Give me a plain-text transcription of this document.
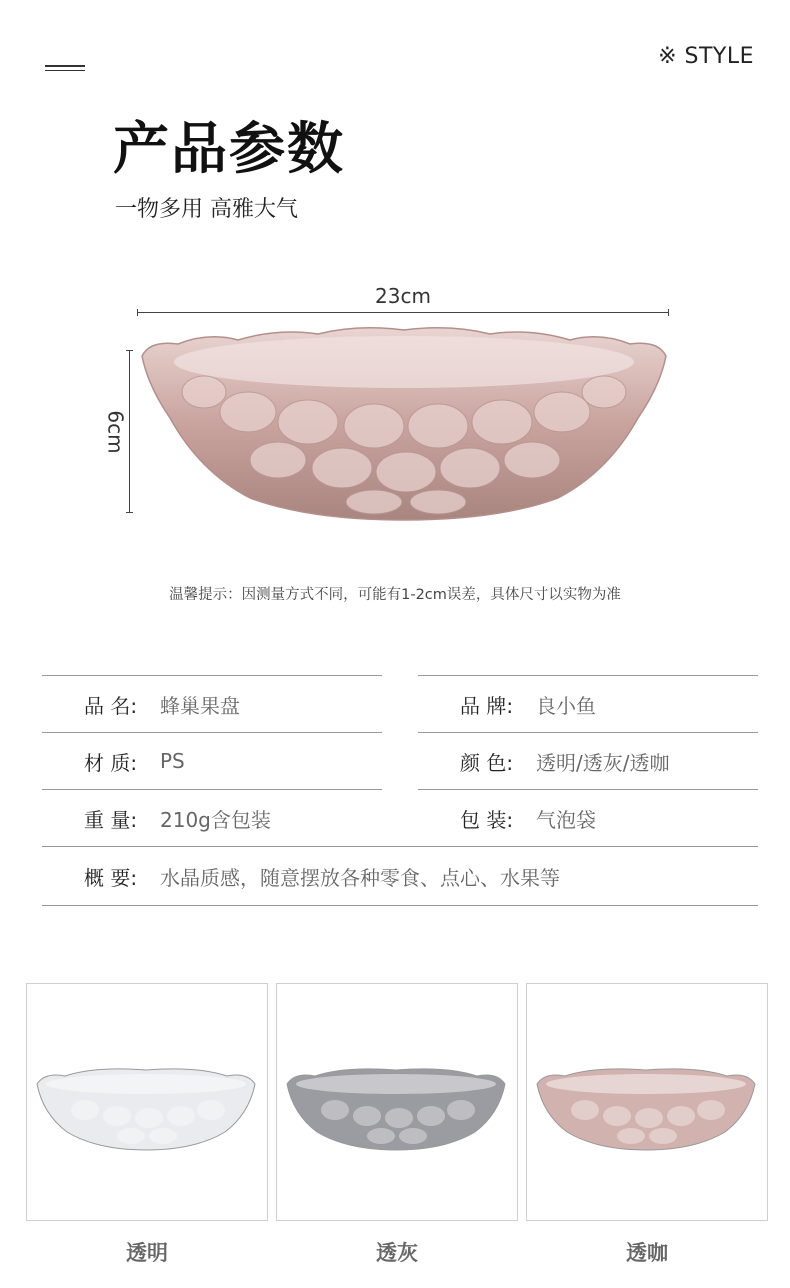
※ STYLE
产品参数
一物多用 高雅大气
23cm
6cm
温馨提示：因测量方式不同，可能有1-2cm误差，具体尺寸以实物为准
品 名:	蜂巢果盘	品 牌:	良小鱼
材 质:	PS	颜 色:	透明/透灰/透咖
重 量:	210g含包装	包 装:	气泡袋
概 要:	水晶质感，随意摆放各种零食、点心、水果等
透明	透灰	透咖
